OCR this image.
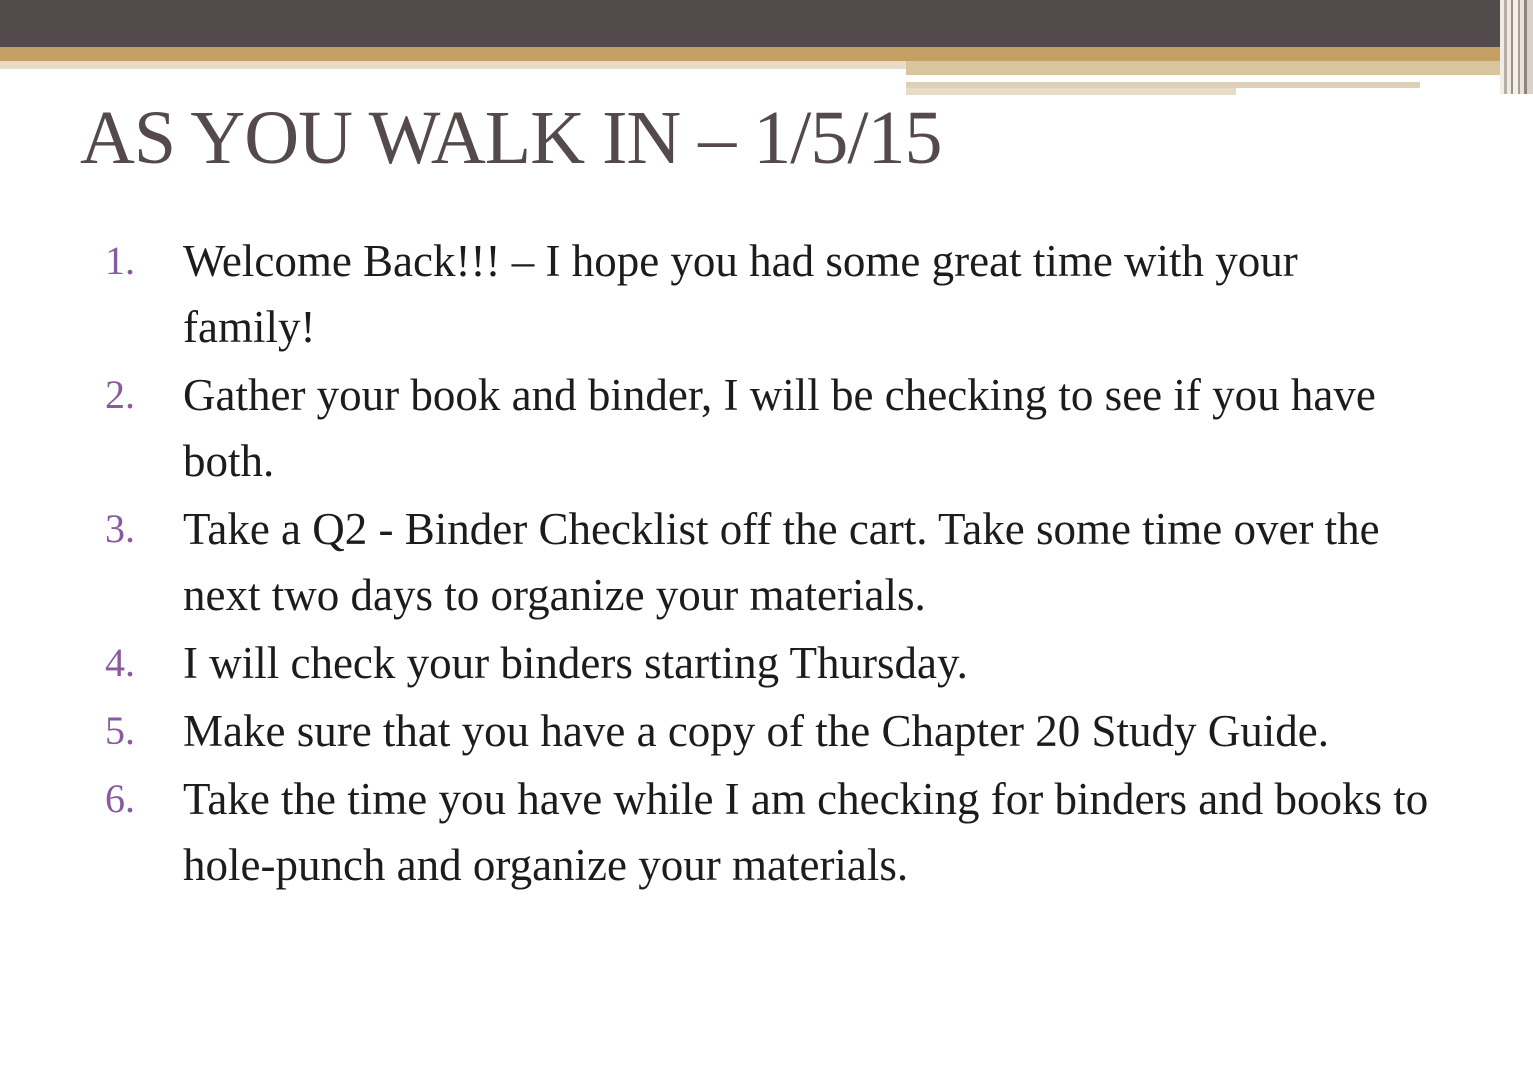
AS YOU WALK IN – 1/5/15
1. Welcome Back!!! – I hope you had some great time with your family!
2. Gather your book and binder, I will be checking to see if you have both.
3. Take a Q2 - Binder Checklist off the cart. Take some time over the next two days to organize your materials.
4. I will check your binders starting Thursday.
5. Make sure that you have a copy of the Chapter 20 Study Guide.
6. Take the time you have while I am checking for binders and books to hole-punch and organize your materials.
